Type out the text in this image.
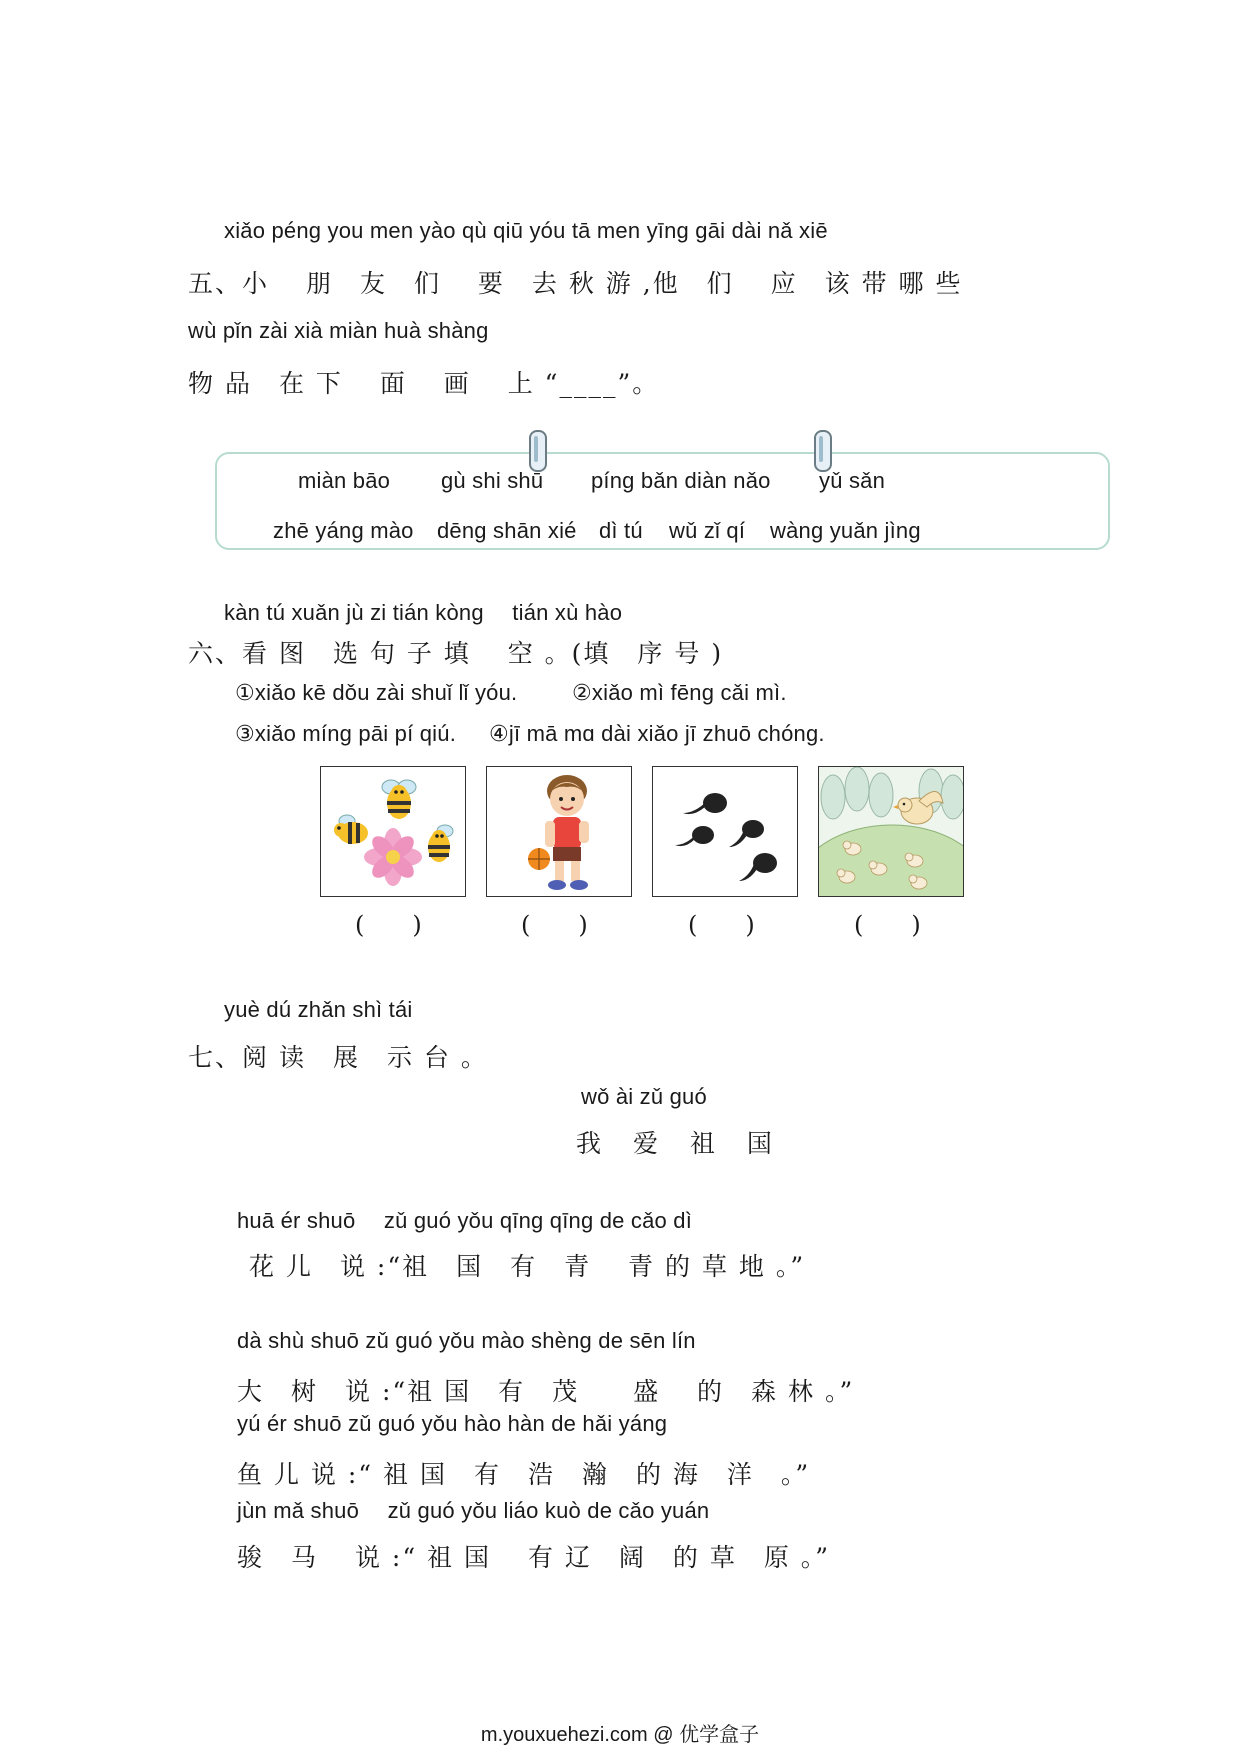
xiǎo péng you men yào qù qiū yóu tā men yīng gāi dài nǎ xiē
五、小　 朋　友　们　 要　去 秋 游 ,他　们　 应　该 带 哪 些
wù pǐn zài xià miàn huà shàng
物 品　在 下　 面　 画　 上 “____”。
miàn bāo gù shi shū píng bǎn diàn nǎo yǔ sǎn
zhē yáng mào dēng shān xié dì tú wǔ zǐ qí wàng yuǎn jìng
kàn tú xuǎn jù zi tián kòng　 tián xù hào
六、看 图　选 句 子 填　 空 。(填　序 号 )
①xiǎo kē dǒu zài shuǐ lǐ yóu. ②xiǎo mì fēng cǎi mì.
③xiǎo míng pāi pí qiú. ④jī mā mɑ dài xiǎo jī zhuō chóng.
(　　)	(　　)	(　　)	(　　)
yuè dú zhǎn shì tái
七、阅 读　展　示 台 。
wǒ ài zǔ guó
我 爱 祖 国
huā ér shuō　 zǔ guó yǒu qīng qīng de cǎo dì
花 儿　说 :“祖　国　有　青　 青 的 草 地 。”
dà shù shuō zǔ guó yǒu mào shèng de sēn lín
大　树　说 :“祖 国　有　茂　　盛　 的　森 林 。”
yú ér shuō zǔ guó yǒu hào hàn de hǎi yáng
鱼 儿 说 :“ 祖 国　有　浩　瀚　的 海　洋　。”
jùn mǎ shuō　 zǔ guó yǒu liáo kuò de cǎo yuán
骏　马　 说 :“ 祖 国　 有 辽　阔　的 草　原 。”
m.youxuehezi.com @ 优学盒子
